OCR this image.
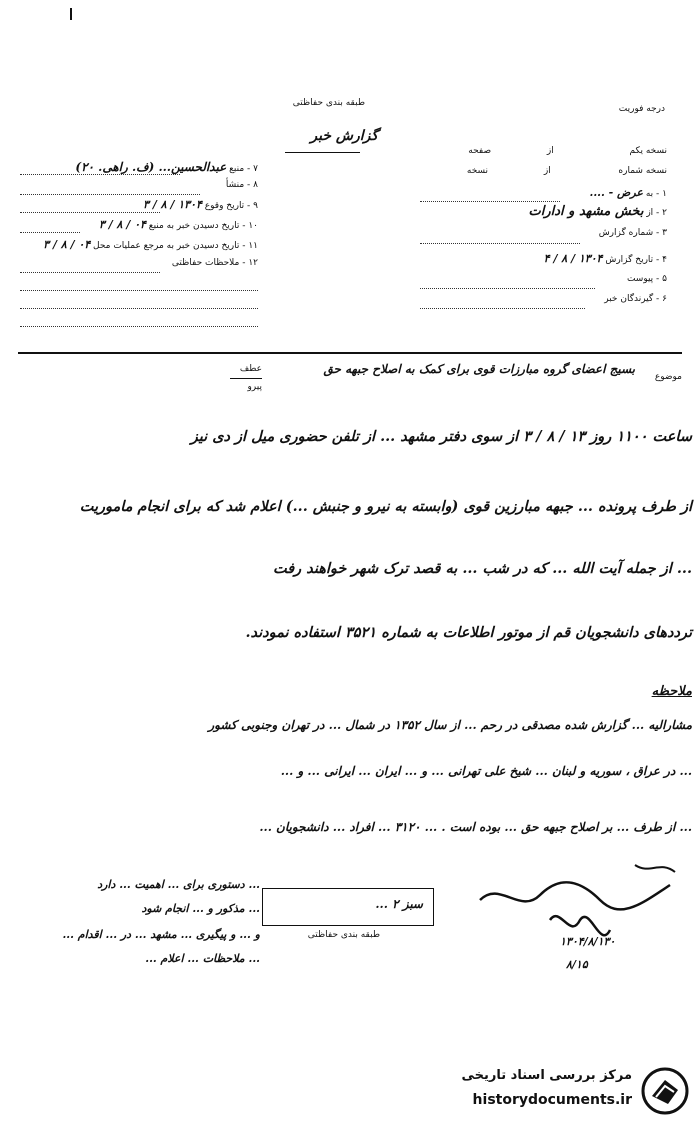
طبقه بندی حفاظتی
گزارش خبر
درجه فوریت
۷ - منبع عبدالحسین... (ف. راهی. ۲۰)
۸ - منشأ
۹ - تاریخ وقوع ۱۳۰۴ / ۸ / ۳
۱۰ - تاریخ دسیدن خبر به منبع ۰۴ / ۸ / ۳
۱۱ - تاریخ دسیدن خبر به مرجع عملیات محل ۰۴ / ۸ / ۳
۱۲ - ملاحظات حفاظتی
نسخه یکم  از  صفحه
نسخه شماره  از  نسخه
۱ - به عرض - ....
۲ - از بخش مشهد و ادارات
۳ - شماره گزارش
۴ - تاریخ گزارش ۱۳۰۴ / ۸ / ۴
۵ - پیوست
۶ - گیرندگان خبر
موضوع
بسیج اعضای گروه مبارزات قوی برای کمک به اصلاح جبهه حق
عطف
پیرو
ساعت ۱۱۰۰ روز ۱۳ / ۸ / ۳ از سوی دفتر مشهد ... از تلفن حضوری میل از دی نیز
از طرف پرونده ... جبهه مبارزین قوی (وابسته به نیرو و جنبش ...) اعلام شد که برای انجام ماموریت
... از جمله آیت الله ... که در شب ... به قصد ترک شهر خواهند رفت
ترددهای دانشجویان قم از موتور اطلاعات به شماره ۳۵۲۱ استفاده نمودند.
ملاحظه
مشارالیه ... گزارش شده مصدقی در رحم ... از سال ۱۳۵۲ در شمال ... در تهران وجنوبی کشور
... در عراق ، سوریه و لبنان ... شیخ علی تهرانی ... و ... ایران ... ایرانی ... و ...
... از طرف ... بر اصلاح جبهه حق ... بوده است . ... ۳۱۲۰ ... افراد ... دانشجویان ...
... دستوری برای ... اهمیت ... دارد
... مذکور و ... انجام شود
و ... و پیگیری ... مشهد ... در ... اقدام ...
... ملاحظات ... اعلام ...
سبز ۲ ...
طبقه بندی حفاظتی	۱۳۰۴/۸/۱۳۰
۸/۱۵
مرکز بررسی اسناد تاریخی
historydocuments.ir
